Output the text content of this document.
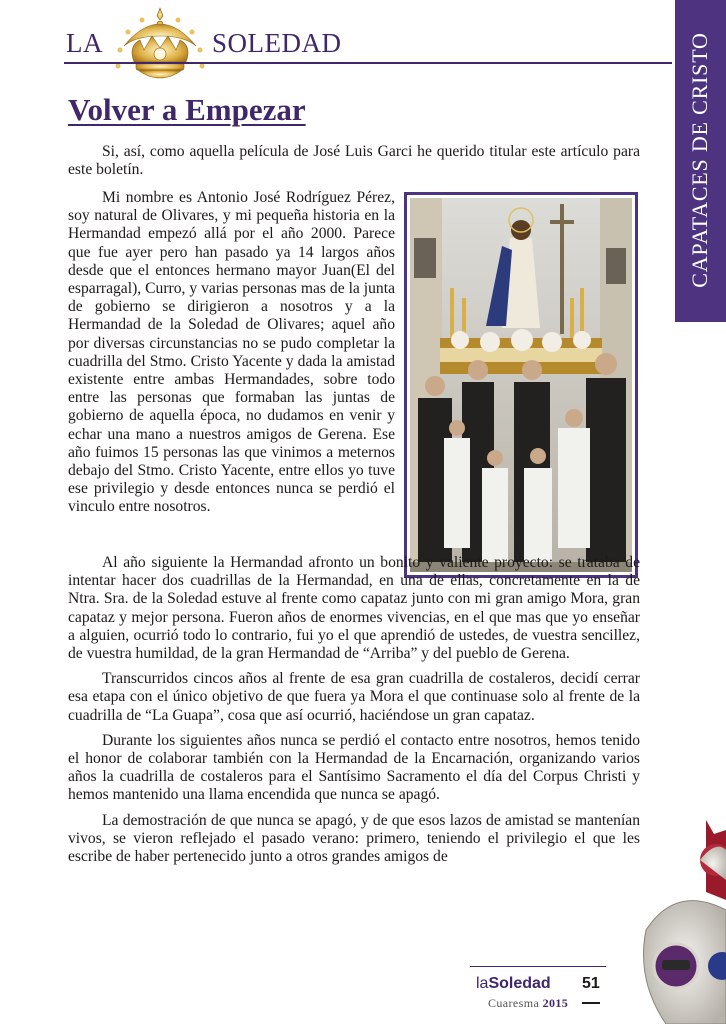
LA	SOLEDAD	CAPATACES DE CRISTO
Volver a Empezar

Si, así, como aquella película de José Luis Garci he querido titular este artículo para este boletín.

Mi nombre es Antonio José Rodríguez Pérez, soy natural de Olivares, y mi pequeña historia en la Hermandad empezó allá por el año 2000. Parece que fue ayer pero han pasado ya 14 largos años desde que el entonces hermano mayor Juan(El del esparragal), Curro, y varias personas mas de la junta de gobierno se dirigieron a nosotros y a la Hermandad de la Soledad de Olivares; aquel año por diversas circunstancias no se pudo completar la cuadrilla del Stmo. Cristo Yacente y dada la amistad existente entre ambas Hermandades, sobre todo entre las personas que formaban las juntas de gobierno de aquella época, no dudamos en venir y echar una mano a nuestros amigos de Gerena. Ese año fuimos 15 personas las que vinimos a meternos debajo del Stmo. Cristo Yacente, entre ellos yo tuve ese privilegio y desde entonces nunca se perdió el vinculo entre nosotros.

Al año siguiente la Hermandad afronto un bonito y valiente proyecto: se trataba de intentar hacer dos cuadrillas de la Hermandad, en una de ellas, concretamente en la de Ntra. Sra. de la Soledad estuve al frente como capataz junto con mi gran amigo Mora, gran capataz y mejor persona. Fueron años de enormes vivencias, en el que mas que yo enseñar a alguien, ocurrió todo lo contrario, fui yo el que aprendió de ustedes, de vuestra sencillez, de vuestra humildad, de la gran Hermandad de “Arriba” y del pueblo de Gerena.

Transcurridos cincos años al frente de esa gran cuadrilla de costaleros, decidí cerrar esa etapa con el único objetivo de que fuera ya Mora el que continuase solo al frente de la cuadrilla de “La Guapa”, cosa que así ocurrió, haciéndose un gran capataz.

Durante los siguientes años nunca se perdió el contacto entre nosotros, hemos tenido el honor de colaborar también con la Hermandad de la Encarnación, organizando varios años la cuadrilla de costaleros para el Santísimo Sacramento el día del Corpus Christi y hemos mantenido una llama encendida que nunca se apagó.

La demostración de que nunca se apagó, y de que esos lazos de amistad se mantenían vivos, se vieron reflejado el pasado verano: primero, teniendo el privilegio el que les escribe de haber pertenecido junto a otros grandes amigos de

laSoledad 51
Cuaresma 2015
